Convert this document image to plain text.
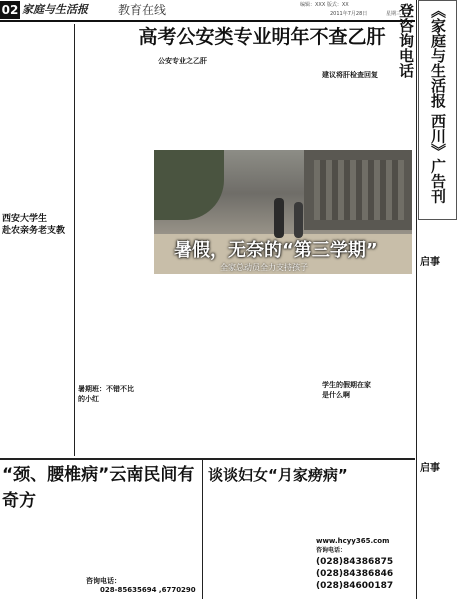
02 家庭与生活报	教育在线	编辑：XXX 版式：XX
2011年7月28日	星期三
高考公安类专业明年不查乙肝
西安大学生
赴农亲务老支教
公安专业之乙肝
建议将肝检查回复
暑假，无奈的“第三学期”
全家总动员全力支持孩子
暑期班：不错不比
的小红
学生的假期在家
是什么啊
《家庭与生活报 西川》广告刊登咨询电话
启事
启事
“颈、腰椎病”云南民间有奇方
咨询电话：
028-85635694 ,6770290
谈谈妇女“月家痨病”
www.hcyy365.com
咨询电话：
(028)84386875
(028)84386846
(028)84600187
